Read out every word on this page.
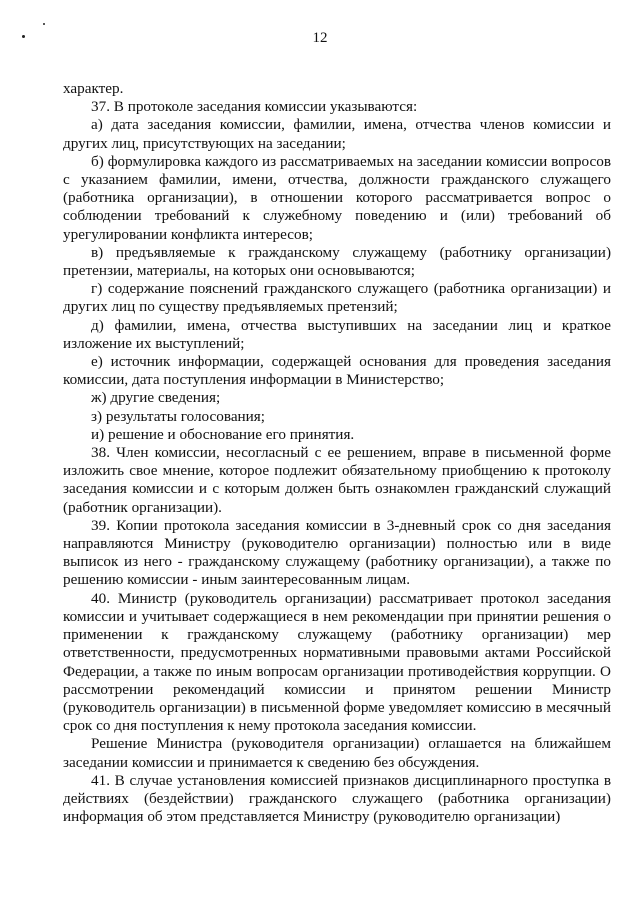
12

характер.

37. В протоколе заседания комиссии указываются:

а) дата заседания комиссии, фамилии, имена, отчества членов комиссии и других лиц, присутствующих на заседании;

б) формулировка каждого из рассматриваемых на заседании комиссии вопросов с указанием фамилии, имени, отчества, должности гражданского служащего (работника организации), в отношении которого рассматривается вопрос о соблюдении требований к служебному поведению и (или) требований об урегулировании конфликта интересов;

в) предъявляемые к гражданскому служащему (работнику организации) претензии, материалы, на которых они основываются;

г) содержание пояснений гражданского служащего (работника организации) и других лиц по существу предъявляемых претензий;

д) фамилии, имена, отчества выступивших на заседании лиц и краткое изложение их выступлений;

е) источник информации, содержащей основания для проведения заседания комиссии, дата поступления информации в Министерство;

ж) другие сведения;

з) результаты голосования;

и) решение и обоснование его принятия.

38. Член комиссии, несогласный с ее решением, вправе в письменной форме изложить свое мнение, которое подлежит обязательному приобщению к протоколу заседания комиссии и с которым должен быть ознакомлен гражданский служащий (работник организации).

39. Копии протокола заседания комиссии в 3-дневный срок со дня заседания направляются Министру (руководителю организации) полностью или в виде выписок из него - гражданскому служащему (работнику организации), а также по решению комиссии - иным заинтересованным лицам.

40. Министр (руководитель организации) рассматривает протокол заседания комиссии и учитывает содержащиеся в нем рекомендации при принятии решения о применении к гражданскому служащему (работнику организации) мер ответственности, предусмотренных нормативными правовыми актами Российской Федерации, а также по иным вопросам организации противодействия коррупции. О рассмотрении рекомендаций комиссии и принятом решении Министр (руководитель организации) в письменной форме уведомляет комиссию в месячный срок со дня поступления к нему протокола заседания комиссии.

Решение Министра (руководителя организации) оглашается на ближайшем заседании комиссии и принимается к сведению без обсуждения.

41. В случае установления комиссией признаков дисциплинарного проступка в действиях (бездействии) гражданского служащего (работника организации) информация об этом представляется Министру (руководителю организации)
